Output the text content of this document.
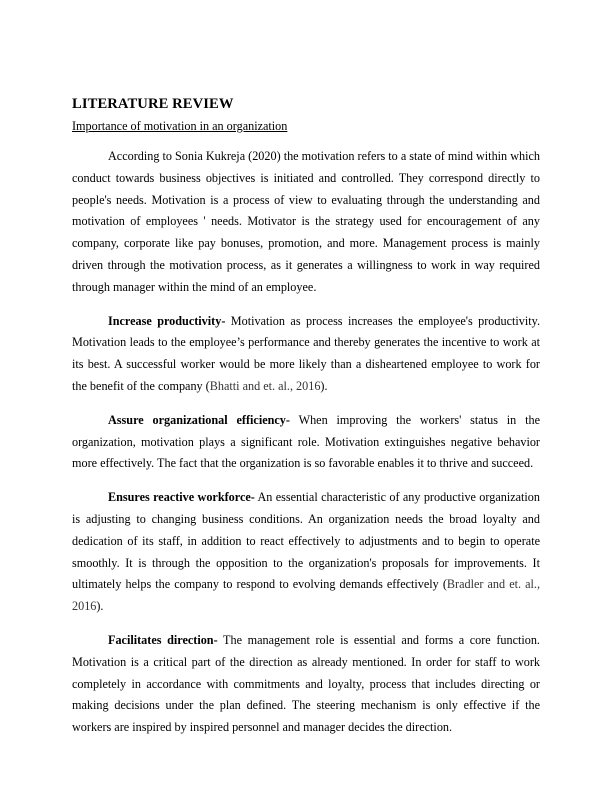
LITERATURE REVIEW
Importance of motivation in an organization

According to Sonia Kukreja (2020) the motivation refers to a state of mind within which conduct towards business objectives is initiated and controlled. They correspond directly to people's needs. Motivation is a process of view to evaluating through the understanding and motivation of employees ' needs. Motivator is the strategy used for encouragement of any company, corporate like pay bonuses, promotion, and more. Management process is mainly driven through the motivation process, as it generates a willingness to work in way required through manager within the mind of an employee.

Increase productivity- Motivation as process increases the employee's productivity. Motivation leads to the employee’s performance and thereby generates the incentive to work at its best. A successful worker would be more likely than a disheartened employee to work for the benefit of the company (Bhatti and et. al., 2016).

Assure organizational efficiency- When improving the workers' status in the organization, motivation plays a significant role. Motivation extinguishes negative behavior more effectively. The fact that the organization is so favorable enables it to thrive and succeed.

Ensures reactive workforce- An essential characteristic of any productive organization is adjusting to changing business conditions. An organization needs the broad loyalty and dedication of its staff, in addition to react effectively to adjustments and to begin to operate smoothly. It is through the opposition to the organization's proposals for improvements. It ultimately helps the company to respond to evolving demands effectively (Bradler and et. al., 2016).

Facilitates direction- The management role is essential and forms a core function. Motivation is a critical part of the direction as already mentioned. In order for staff to work completely in accordance with commitments and loyalty, process that includes directing or making decisions under the plan defined. The steering mechanism is only effective if the workers are inspired by inspired personnel and manager decides the direction.
